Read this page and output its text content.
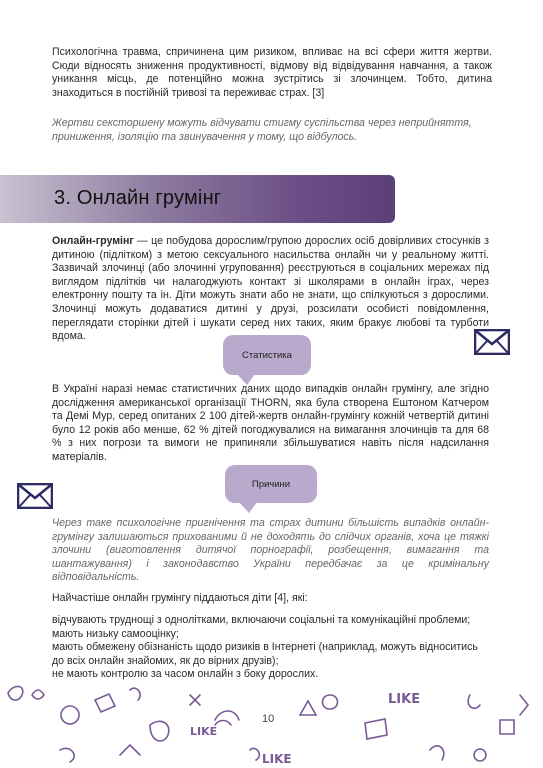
Психологічна травма, спричинена цим ризиком, впливає на всі сфери життя жертви. Сюди відносять зниження продуктивності, відмову від відвідування навчання, а також уникання місць, де потенційно можна зустрітись зі злочинцем. Тобто, дитина знаходиться в постійній тривозі та переживає страх. [3]

Жертви сексторшену можуть відчувати стигму суспільства через неприйняття, приниження, ізоляцію та звинувачення у тому, що відбулось.

3. Онлайн грумінг

Онлайн-грумінг — це побудова дорослим/групою дорослих осіб довірливих стосунків з дитиною (підлітком) з метою сексуального насильства онлайн чи у реальному житті. Зазвичай злочинці (або злочинні угруповання) реєструються в соціальних мережах під виглядом підлітків чи налагоджують контакт зі школярами в онлайн іграх, через електронну пошту та ін. Діти можуть знати або не знати, що спілкуються з дорослими. Злочинці можуть додаватися дитині у друзі, розсилати особисті повідомлення, переглядати сторінки дітей і шукати серед них таких, яким бракує любові та турботи вдома.

Статистика

В Україні наразі немає статистичних даних щодо випадків онлайн грумінгу, але згідно дослідження американської організації THORN, яка була створена Ештоном Катчером та Демі Мур, серед опитаних 2 100 дітей-жертв онлайн-грумінгу кожній четвертій дитині було 12 років або менше, 62 % дітей погоджувалися на вимагання злочинців та для 68 % з них погрози та вимоги не припиняли збільшуватися навіть після надсилання матеріалів.

Причини

Через таке психологічне пригнічення та страх дитини більшість випадків онлайн-грумінгу залишаються прихованими й не доходять до слідчих органів, хоча це тяжкі злочини (виготовлення дитячої порнографії, розбещення, вимагання та шантажування) і законодавство України передбачає за це кримінальну відповідальність.

Найчастіше онлайн грумінгу піддаються діти [4], які:

відчувають труднощі з однолітками, включаючи соціальні та комунікаційні проблеми;
мають низьку самооцінку;
мають обмежену обізнаність щодо ризиків в Інтернеті (наприклад, можуть відноситись до всіх онлайн знайомих, як до вірних друзів);
не мають контролю за часом онлайн з боку дорослих.
LIKE
LIKE
LIKE
10
